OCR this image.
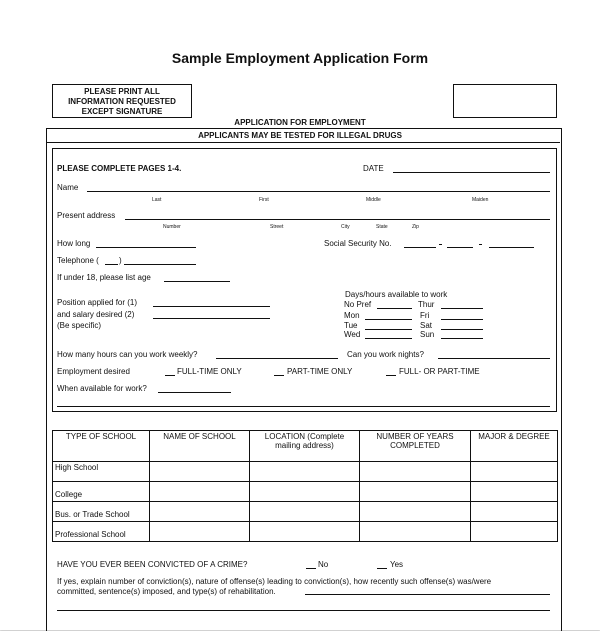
Sample Employment Application Form
PLEASE PRINT ALL INFORMATION REQUESTED EXCEPT SIGNATURE
APPLICATION FOR EMPLOYMENT
APPLICANTS MAY BE TESTED FOR ILLEGAL DRUGS
PLEASE COMPLETE PAGES 1-4.	DATE
Name
Last	First	Middle	Maiden
Present address
Number	Street	City	State	Zip
How long	Social Security No.
Telephone (	)
If under 18, please list age
Days/hours available to work
Position applied for (1)
and salary desired (2)
(Be specific)
No Pref
Mon
Tue
Wed
Thur
Fri
Sat
Sun
How many hours can you work weekly?	Can you work nights?
Employment desired	FULL-TIME ONLY	PART-TIME ONLY	FULL- OR PART-TIME
When available for work?
TYPE OF SCHOOL	NAME OF SCHOOL	LOCATION (Complete mailing address)	NUMBER OF YEARS COMPLETED	MAJOR & DEGREE
High School				
College				
Bus. or Trade School				
Professional School				
HAVE YOU EVER BEEN CONVICTED OF A CRIME?	No	Yes
If yes, explain number of conviction(s), nature of offense(s) leading to conviction(s), how recently such offense(s) was/were
committed, sentence(s) imposed, and type(s) of rehabilitation.
